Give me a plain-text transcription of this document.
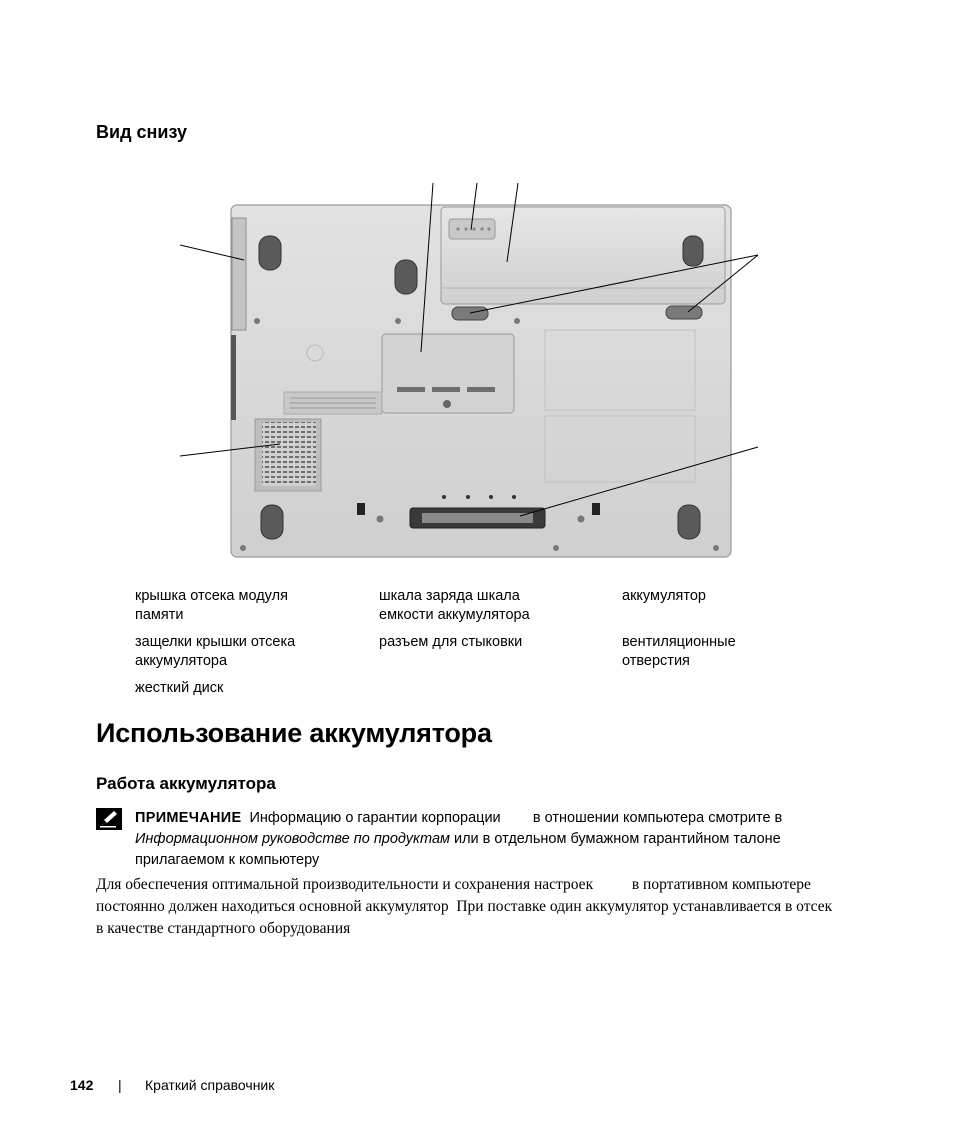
Вид снизу
крышка отсека модуля памяти
шкала заряда шкала емкости аккумулятора
аккумулятор
защелки крышки отсека аккумулятора
разъем для стыковки	вентиляционные отверстия
жесткий диск
Использование аккумулятора
Работа аккумулятора
ПРИМЕЧАНИЕ Информацию о гарантии корпорации        в отношении компьютера смотрите в Информационном руководстве по продуктам или в отдельном бумажном гарантийном талоне прилагаемом к компьютеру
Для обеспечения оптимальной производительности и сохранения настроек          в портативном компьютере            постоянно должен находиться основной аккумулятор  При поставке один аккумулятор устанавливается в отсек в качестве стандартного оборудования
142 | Краткий справочник
